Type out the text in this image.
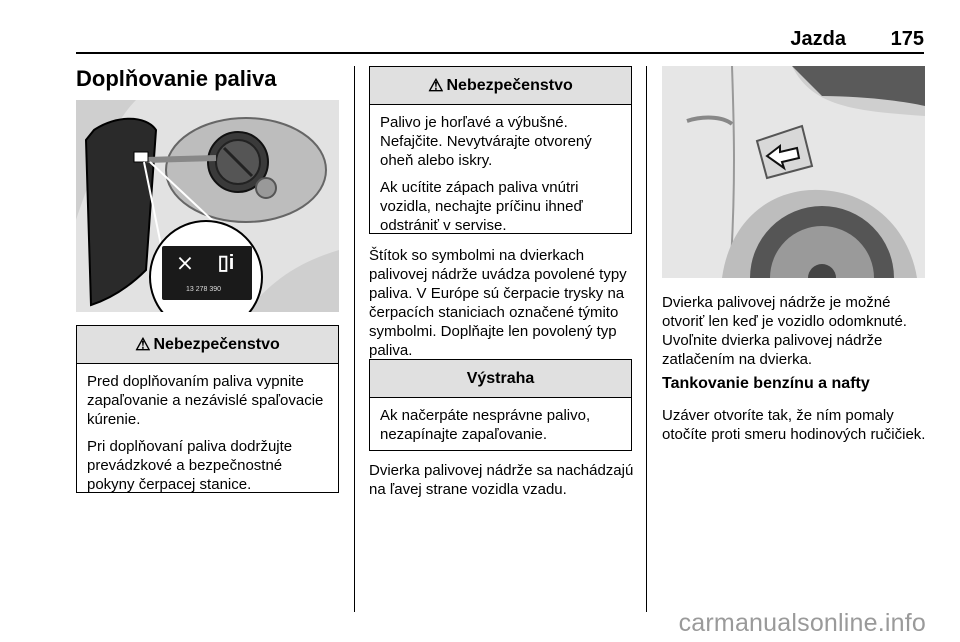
Jazda 175
Doplňovanie paliva
⨯	▯i
13 278 390
⚠ Nebezpečenstvo

Pred doplňovaním paliva vypnite zapaľovanie a nezávislé spaľovacie kúrenie.

Pri doplňovaní paliva dodržujte prevádzkové a bezpečnostné pokyny čerpacej stanice.

⚠ Nebezpečenstvo

Palivo je horľavé a výbušné. Nefajčite. Nevytvárajte otvorený oheň alebo iskry.

Ak ucítite zápach paliva vnútri vozidla, nechajte príčinu ihneď odstrániť v servise.

Štítok so symbolmi na dvierkach palivovej nádrže uvádza povolené typy paliva. V Európe sú čerpacie trysky na čerpacích staniciach označené týmito symbolmi. Doplňajte len povolený typ paliva.
Výstraha

Ak načerpáte nesprávne palivo, nezapínajte zapaľovanie.

Dvierka palivovej nádrže sa nachádzajú na ľavej strane vozidla vzadu.
Dvierka palivovej nádrže je možné otvoriť len keď je vozidlo odomknuté. Uvoľnite dvierka palivovej nádrže zatlačením na dvierka.
Tankovanie benzínu a nafty
Uzáver otvoríte tak, že ním pomaly otočíte proti smeru hodinových ručičiek.
carmanualsonline.info
